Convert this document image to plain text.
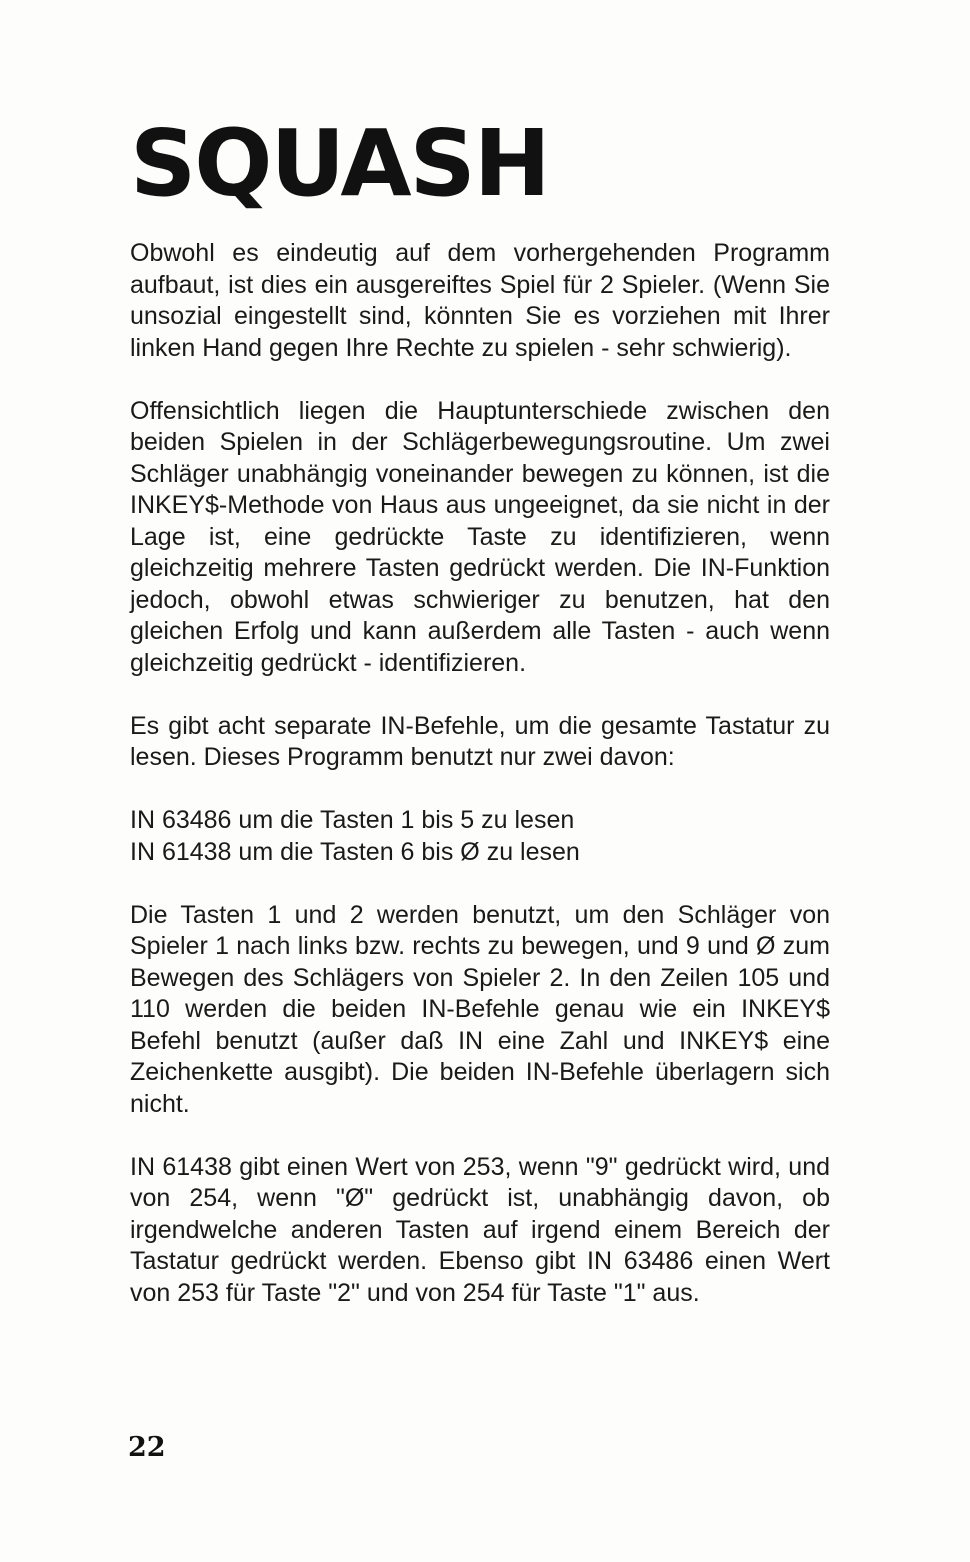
SQUASH

Obwohl es eindeutig auf dem vorhergehenden Programm aufbaut, ist dies ein ausgereiftes Spiel für 2 Spieler. (Wenn Sie unsozial eingestellt sind, könnten Sie es vorziehen mit Ihrer linken Hand gegen Ihre Rechte zu spielen - sehr schwierig).

Offensichtlich liegen die Hauptunterschiede zwischen den beiden Spielen in der Schlägerbewegungsroutine. Um zwei Schläger unabhängig voneinander bewegen zu können, ist die INKEY$-Methode von Haus aus ungeeignet, da sie nicht in der Lage ist, eine gedrückte Taste zu identifizieren, wenn gleichzeitig mehrere Tasten gedrückt werden. Die IN-Funktion jedoch, obwohl etwas schwieriger zu benutzen, hat den gleichen Erfolg und kann außerdem alle Tasten - auch wenn gleichzeitig gedrückt - identifizieren.

Es gibt acht separate IN-Befehle, um die gesamte Tastatur zu lesen. Dieses Programm benutzt nur zwei davon:

IN 63486 um die Tasten 1 bis 5 zu lesen
IN 61438 um die Tasten 6 bis Ø zu lesen

Die Tasten 1 und 2 werden benutzt, um den Schläger von Spieler 1 nach links bzw. rechts zu bewegen, und 9 und Ø zum Bewegen des Schlägers von Spieler 2. In den Zeilen 105 und 110 werden die beiden IN-Befehle genau wie ein INKEY$ Befehl benutzt (außer daß IN eine Zahl und INKEY$ eine Zeichenkette ausgibt). Die beiden IN-Befehle überlagern sich nicht.

IN 61438 gibt einen Wert von 253, wenn "9" gedrückt wird, und von 254, wenn "Ø" gedrückt ist, unabhängig davon, ob irgendwelche anderen Tasten auf irgend einem Bereich der Tastatur gedrückt werden. Ebenso gibt IN 63486 einen Wert von 253 für Taste "2" und von 254 für Taste "1" aus.

22
